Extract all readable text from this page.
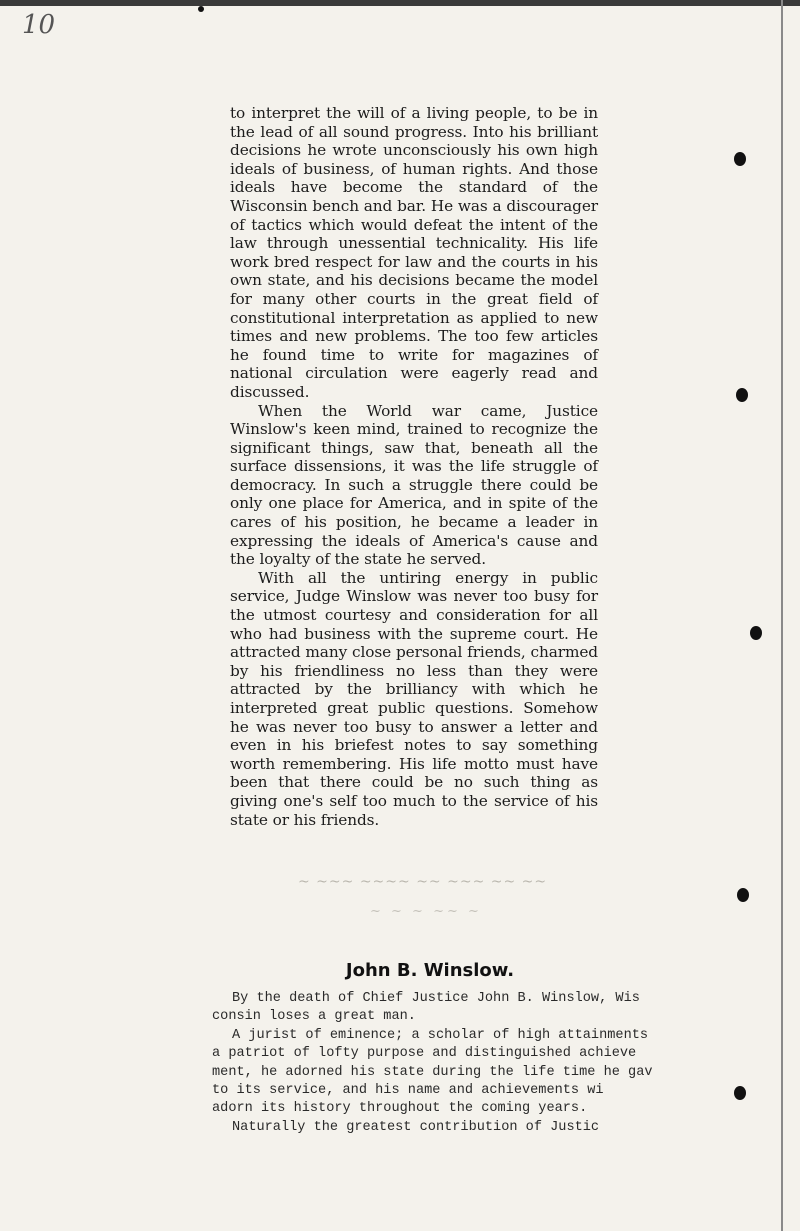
10

to interpret the will of a living people, to be in the lead of all sound progress. Into his brilliant decisions he wrote unconsciously his own high ideals of business, of human rights. And those ideals have become the standard of the Wisconsin bench and bar. He was a discourager of tactics which would defeat the intent of the law through unessential technicality. His life work bred respect for law and the courts in his own state, and his decisions became the model for many other courts in the great field of constitutional interpretation as applied to new times and new problems. The too few articles he found time to write for magazines of national circulation were eagerly read and discussed.

When the World war came, Justice Winslow's keen mind, trained to recognize the significant things, saw that, beneath all the surface dissensions, it was the life struggle of democracy. In such a struggle there could be only one place for America, and in spite of the cares of his position, he became a leader in expressing the ideals of America's cause and the loyalty of the state he served.

With all the untiring energy in public service, Judge Winslow was never too busy for the utmost courtesy and consideration for all who had business with the supreme court. He attracted many close personal friends, charmed by his friendliness no less than they were attracted by the brilliancy with which he interpreted great public questions. Somehow he was never too busy to answer a letter and even in his briefest notes to say something worth remembering. His life motto must have been that there could be no such thing as giving one's self too much to the service of his state or his friends.

~ ~~~ ~~~~ ~~ ~~~ ~~ ~~
~ ~ ~ ~~ ~
John B. Winslow.

By the death of Chief Justice John B. Winslow, Wis

consin loses a great man.

A jurist of eminence; a scholar of high attainments

a patriot of lofty purpose and distinguished achieve

ment, he adorned his state during the life time he gav

to its service, and his name and achievements wi

adorn its history throughout the coming years.

Naturally the greatest contribution of Justic
